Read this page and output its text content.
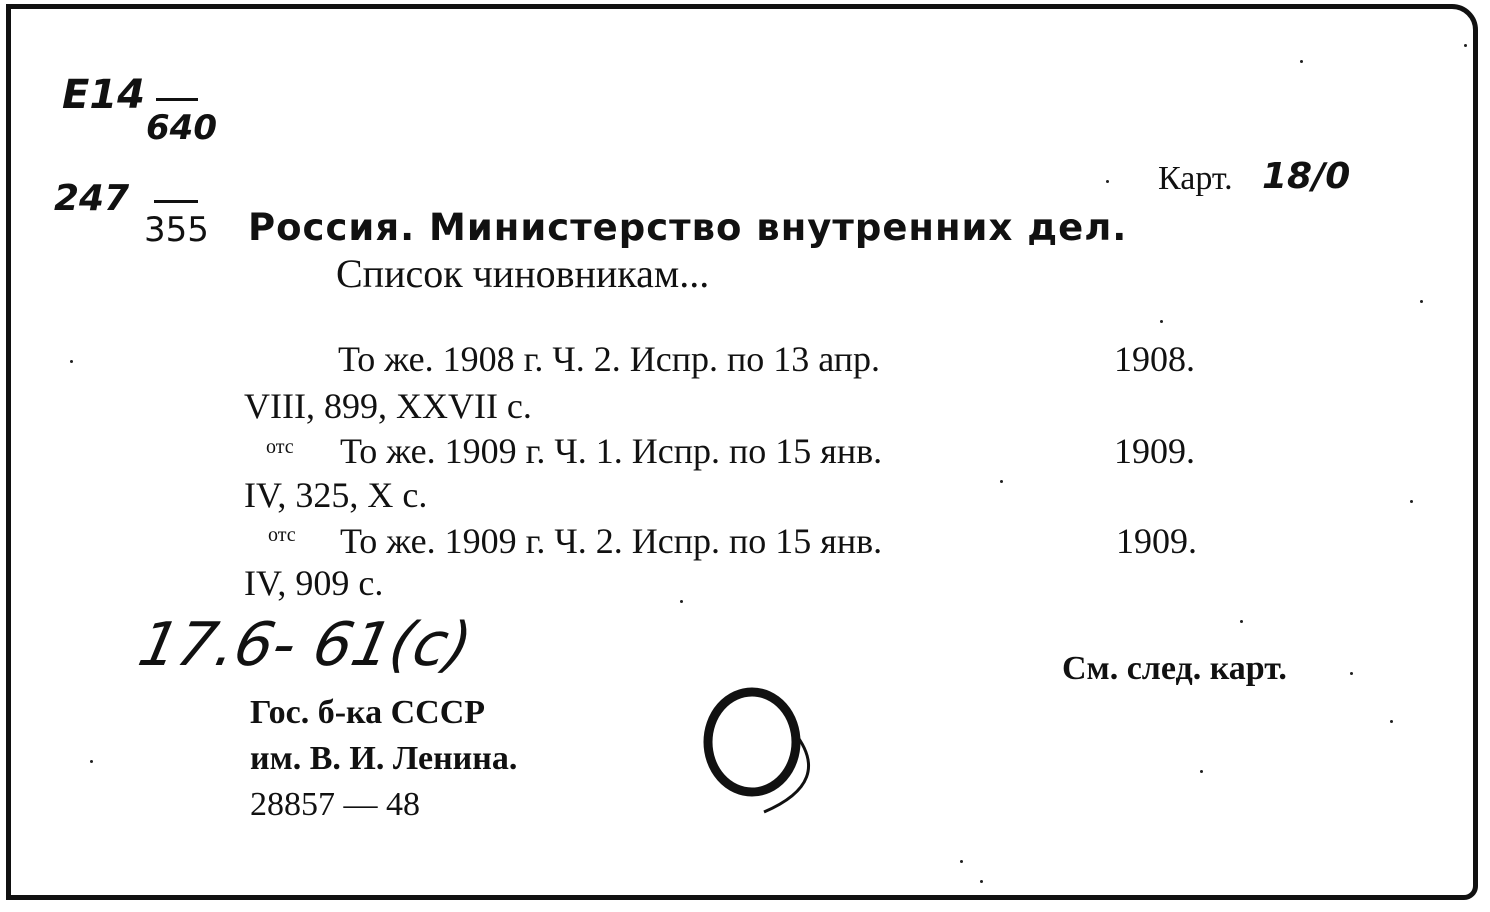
E14
640
247
355
Карт. 18/0
Россия. Министерство внутренних дел.
Список чиновникам...
То же. 1908 г. Ч. 2. Испр. по 13 апр.	1908.
VIII, 899, XXVII с.
отс То же. 1909 г. Ч. 1. Испр. по 15 янв.	1909.
IV, 325, X с.
отс То же. 1909 г. Ч. 2. Испр. по 15 янв.	1909.
IV, 909 с.
17.6- 61(с)	См. след. карт.
Гос. б-ка СССР
им. В. И. Ленина.
28857 — 48
